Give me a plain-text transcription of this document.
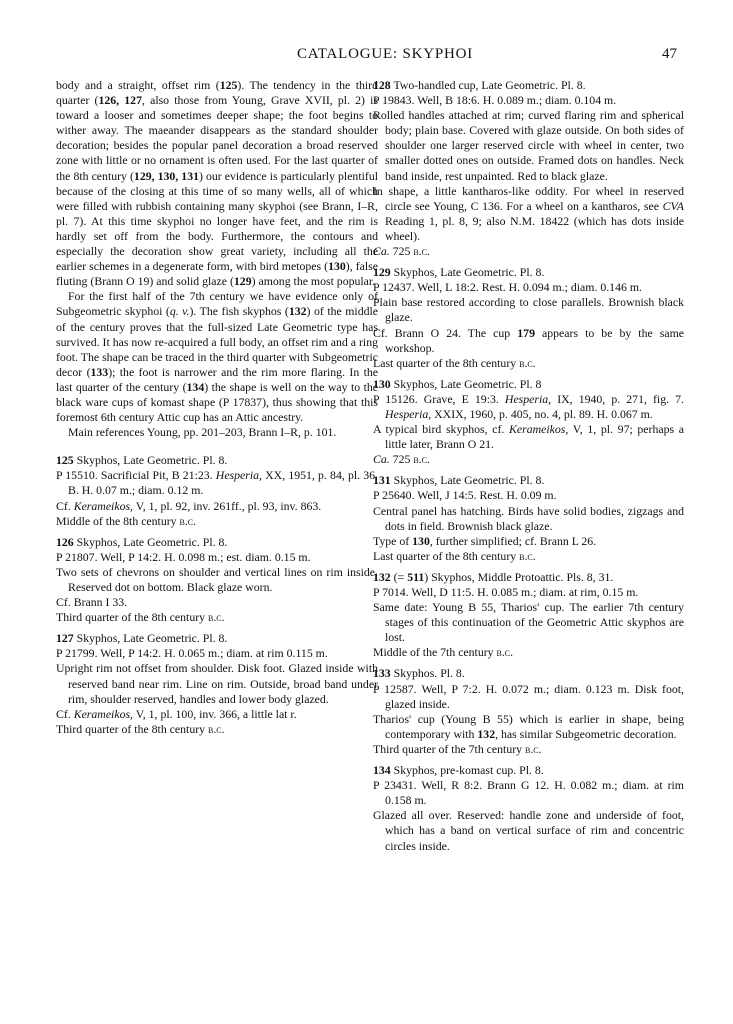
CATALOGUE: SKYPHOI	47

body and a straight, offset rim (125). The tendency in the third quarter (126, 127, also those from Young, Grave XVII, pl. 2) is toward a looser and sometimes deeper shape; the foot begins to wither away. The maeander disappears as the standard shoulder decoration; besides the popular panel decoration a broad reserved zone with little or no ornament is often used. For the last quarter of the 8th century (129, 130, 131) our evidence is particularly plentiful because of the closing at this time of so many wells, all of which were filled with rubbish containing many skyphoi (see Brann, I–R, pl. 7). At this time skyphoi no longer have feet, and the rim is hardly set off from the body. Furthermore, the contours and especially the decoration show great variety, including all the earlier schemes in a degenerate form, with bird metopes (130), false fluting (Brann O 19) and solid glaze (129) among the most popular.

For the first half of the 7th century we have evidence only of Subgeometric skyphoi (q. v.). The fish skyphos (132) of the middle of the century proves that the full-sized Late Geometric type has survived. It has now re-acquired a full body, an offset rim and a ring foot. The shape can be traced in the third quarter with Subgeometric decor (133); the foot is narrower and the rim more flaring. In the last quarter of the century (134) the shape is well on the way to the black ware cups of komast shape (P 17837), thus showing that this foremost 6th century Attic cup has an Attic ancestry.

Main references Young, pp. 201–203, Brann I–R, p. 101.

125 Skyphos, Late Geometric. Pl. 8.

P 15510. Sacrificial Pit, B 21:23. Hesperia, XX, 1951, p. 84, pl. 36, B. H. 0.07 m.; diam. 0.12 m.

Cf. Kerameikos, V, 1, pl. 92, inv. 261ff., pl. 93, inv. 863.

Middle of the 8th century b.c.

126 Skyphos, Late Geometric. Pl. 8.

P 21807. Well, P 14:2. H. 0.098 m.; est. diam. 0.15 m.

Two sets of chevrons on shoulder and vertical lines on rim inside. Reserved dot on bottom. Black glaze worn.

Cf. Brann I 33.

Third quarter of the 8th century b.c.

127 Skyphos, Late Geometric. Pl. 8.

P 21799. Well, P 14:2. H. 0.065 m.; diam. at rim 0.115 m.

Upright rim not offset from shoulder. Disk foot. Glazed inside with reserved band near rim. Line on rim. Outside, broad band under rim, shoulder reserved, handles and lower body glazed.

Cf. Kerameikos, V, 1, pl. 100, inv. 366, a little lat r.

Third quarter of the 8th century b.c.

128 Two-handled cup, Late Geometric. Pl. 8.

P 19843. Well, B 18:6. H. 0.089 m.; diam. 0.104 m.

Rolled handles attached at rim; curved flaring rim and spherical body; plain base. Covered with glaze outside. On both sides of shoulder one larger reserved circle with wheel in center, two smaller dotted ones on outside. Framed dots on handles. Neck band inside, rest unpainted. Red to black glaze.

In shape, a little kantharos-like oddity. For wheel in reserved circle see Young, C 136. For a wheel on a kantharos, see CVA Reading 1, pl. 8, 9; also N.M. 18422 (which has dots inside wheel).

Ca. 725 b.c.

129 Skyphos, Late Geometric. Pl. 8.

P 12437. Well, L 18:2. Rest. H. 0.094 m.; diam. 0.146 m.

Plain base restored according to close parallels. Brownish black glaze.

Cf. Brann O 24. The cup 179 appears to be by the same workshop.

Last quarter of the 8th century b.c.

130 Skyphos, Late Geometric. Pl. 8

P 15126. Grave, E 19:3. Hesperia, IX, 1940, p. 271, fig. 7. Hesperia, XXIX, 1960, p. 405, no. 4, pl. 89. H. 0.067 m.

A typical bird skyphos, cf. Kerameikos, V, 1, pl. 97; perhaps a little later, Brann O 21.

Ca. 725 b.c.

131 Skyphos, Late Geometric. Pl. 8.

P 25640. Well, J 14:5. Rest. H. 0.09 m.

Central panel has hatching. Birds have solid bodies, zigzags and dots in field. Brownish black glaze.

Type of 130, further simplified; cf. Brann L 26.

Last quarter of the 8th century b.c.

132 (= 511) Skyphos, Middle Protoattic. Pls. 8, 31.

P 7014. Well, D 11:5. H. 0.085 m.; diam. at rim, 0.15 m.

Same date: Young B 55, Tharios' cup. The earlier 7th century stages of this continuation of the Geometric Attic skyphos are lost.

Middle of the 7th century b.c.

133 Skyphos. Pl. 8.

P 12587. Well, P 7:2. H. 0.072 m.; diam. 0.123 m. Disk foot, glazed inside.

Tharios' cup (Young B 55) which is earlier in shape, being contemporary with 132, has similar Subgeometric decoration.

Third quarter of the 7th century b.c.

134 Skyphos, pre-komast cup. Pl. 8.

P 23431. Well, R 8:2. Brann G 12. H. 0.082 m.; diam. at rim 0.158 m.

Glazed all over. Reserved: handle zone and underside of foot, which has a band on vertical surface of rim and concentric circles inside.
